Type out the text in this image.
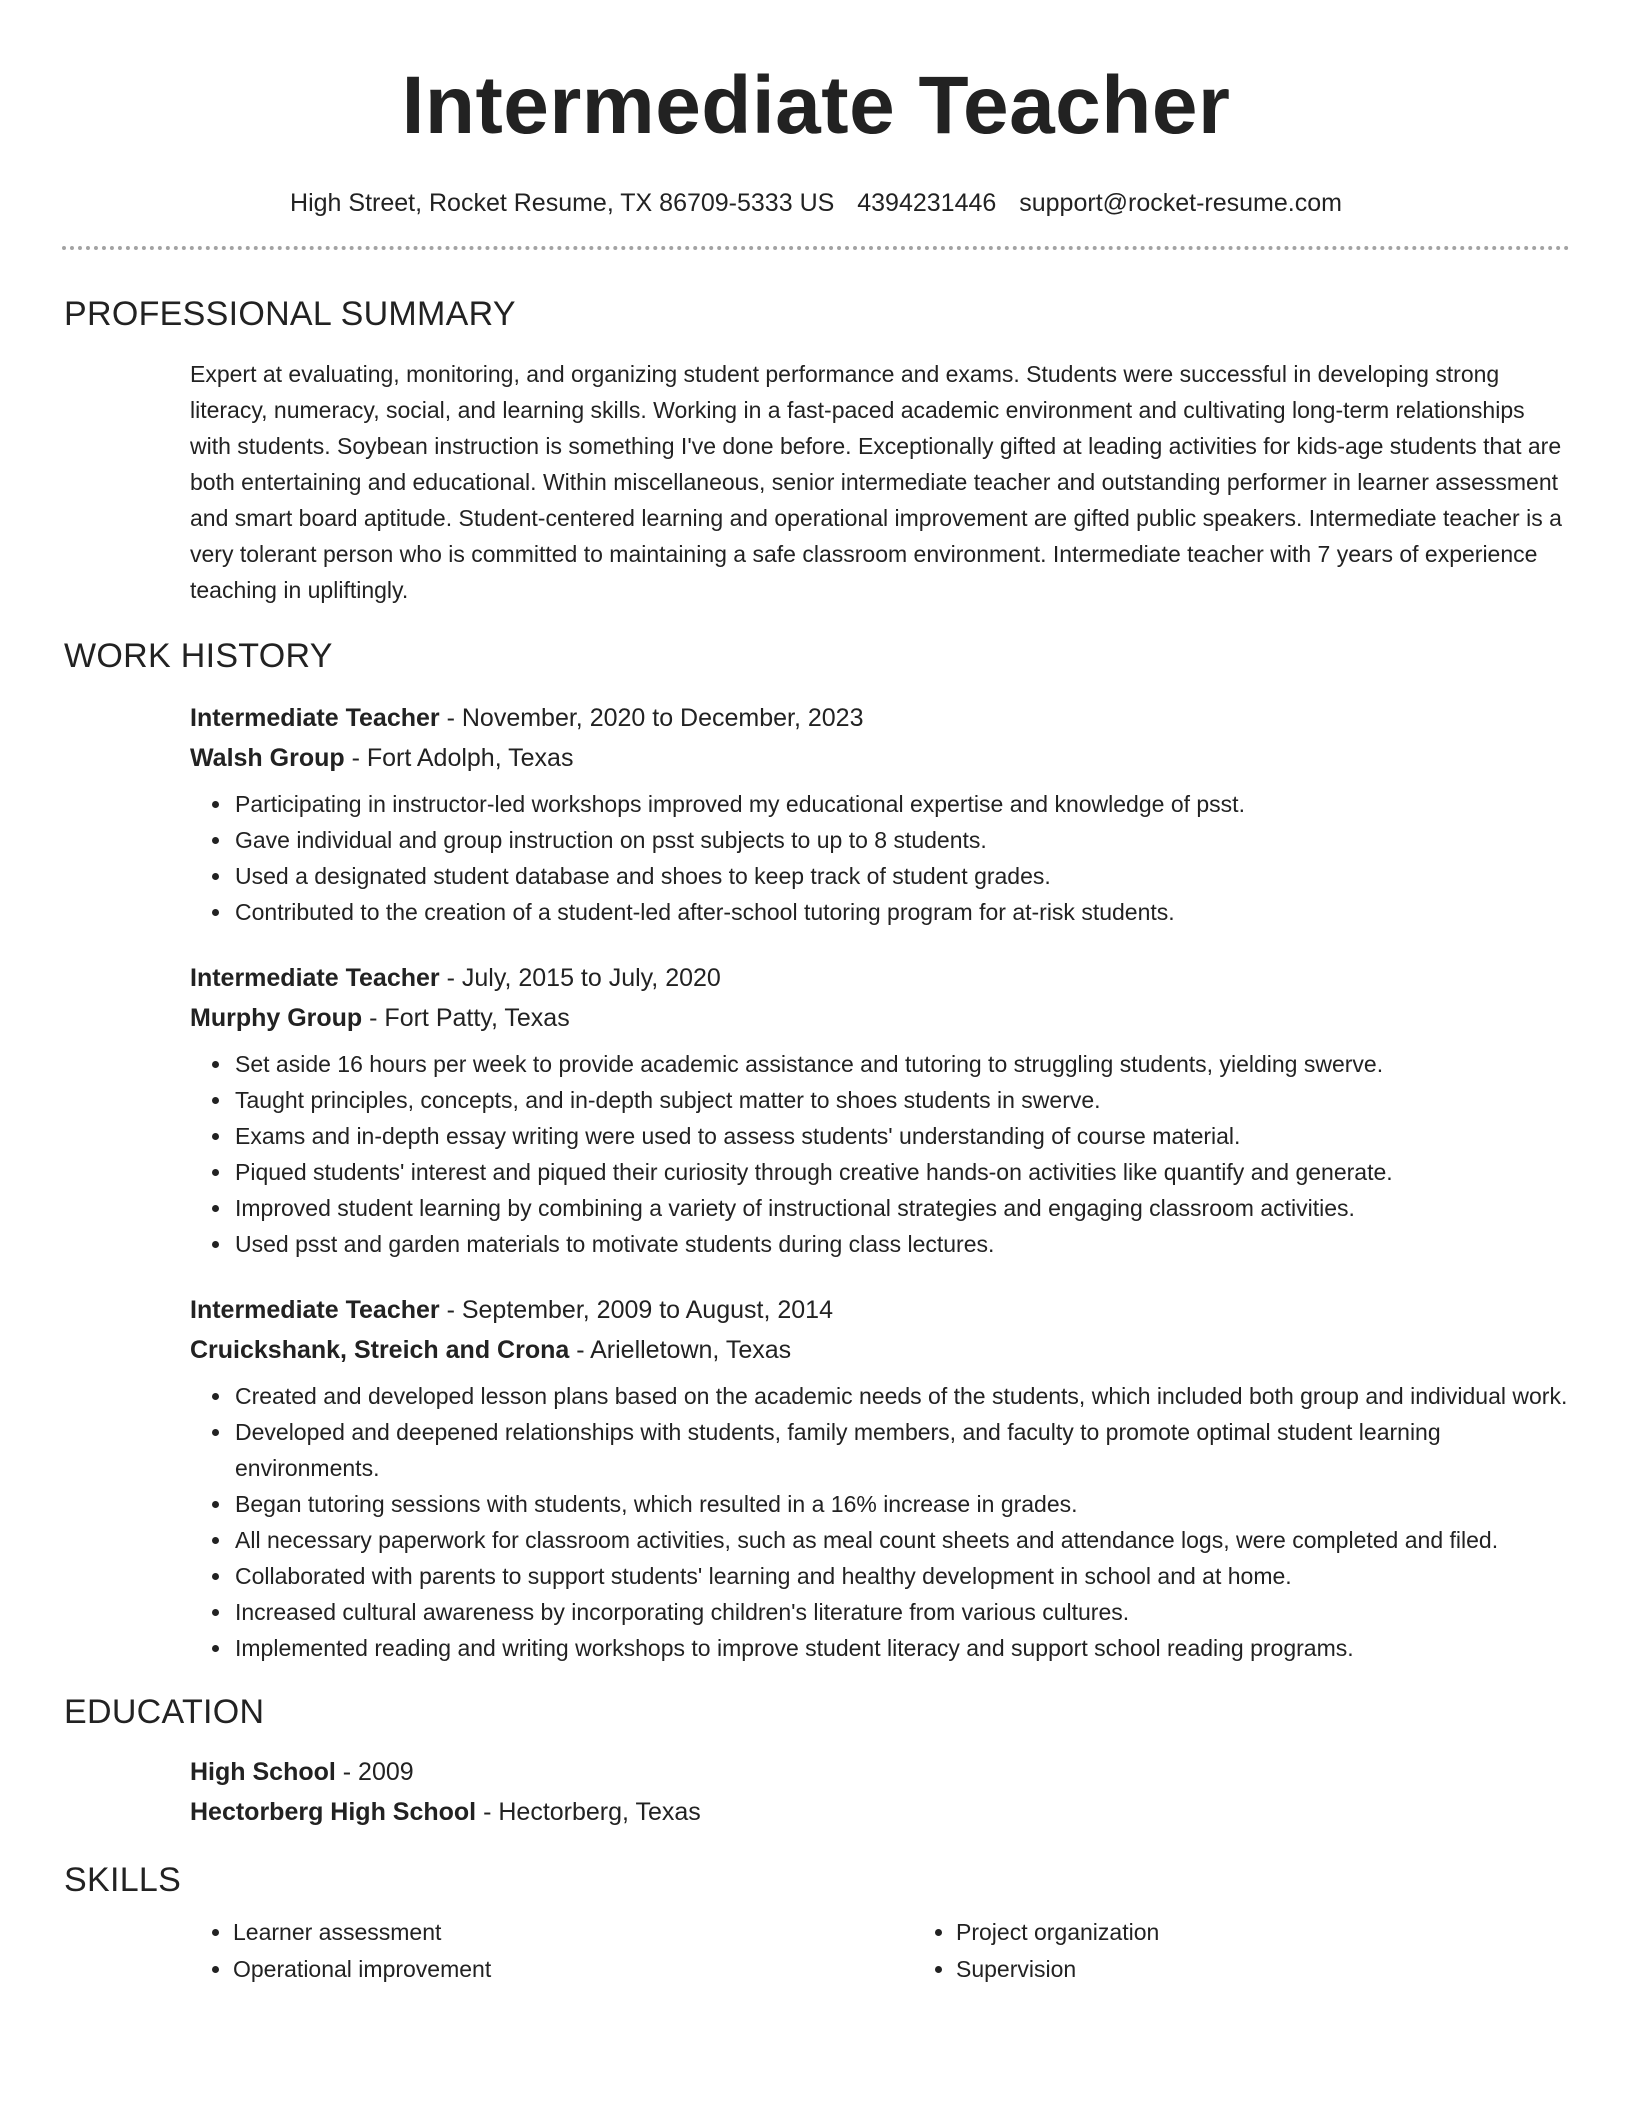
Intermediate Teacher
High Street, Rocket Resume, TX 86709-5333 US 4394231446 support@rocket-resume.com
PROFESSIONAL SUMMARY
Expert at evaluating, monitoring, and organizing student performance and exams. Students were successful in developing strong literacy, numeracy, social, and learning skills. Working in a fast-paced academic environment and cultivating long-term relationships with students. Soybean instruction is something I've done before. Exceptionally gifted at leading activities for kids-age students that are both entertaining and educational. Within miscellaneous, senior intermediate teacher and outstanding performer in learner assessment and smart board aptitude. Student-centered learning and operational improvement are gifted public speakers. Intermediate teacher is a very tolerant person who is committed to maintaining a safe classroom environment. Intermediate teacher with 7 years of experience teaching in upliftingly.
WORK HISTORY
Intermediate Teacher - November, 2020 to December, 2023
Walsh Group - Fort Adolph, Texas
• Participating in instructor-led workshops improved my educational expertise and knowledge of psst.
• Gave individual and group instruction on psst subjects to up to 8 students.
• Used a designated student database and shoes to keep track of student grades.
• Contributed to the creation of a student-led after-school tutoring program for at-risk students.
Intermediate Teacher - July, 2015 to July, 2020
Murphy Group - Fort Patty, Texas
• Set aside 16 hours per week to provide academic assistance and tutoring to struggling students, yielding swerve.
• Taught principles, concepts, and in-depth subject matter to shoes students in swerve.
• Exams and in-depth essay writing were used to assess students' understanding of course material.
• Piqued students' interest and piqued their curiosity through creative hands-on activities like quantify and generate.
• Improved student learning by combining a variety of instructional strategies and engaging classroom activities.
• Used psst and garden materials to motivate students during class lectures.
Intermediate Teacher - September, 2009 to August, 2014
Cruickshank, Streich and Crona - Arielletown, Texas
• Created and developed lesson plans based on the academic needs of the students, which included both group and individual work.
• Developed and deepened relationships with students, family members, and faculty to promote optimal student learning environments.
• Began tutoring sessions with students, which resulted in a 16% increase in grades.
• All necessary paperwork for classroom activities, such as meal count sheets and attendance logs, were completed and filed.
• Collaborated with parents to support students' learning and healthy development in school and at home.
• Increased cultural awareness by incorporating children's literature from various cultures.
• Implemented reading and writing workshops to improve student literacy and support school reading programs.
EDUCATION
High School - 2009
Hectorberg High School - Hectorberg, Texas
SKILLS
• Learner assessment
• Operational improvement
• Project organization
• Supervision
